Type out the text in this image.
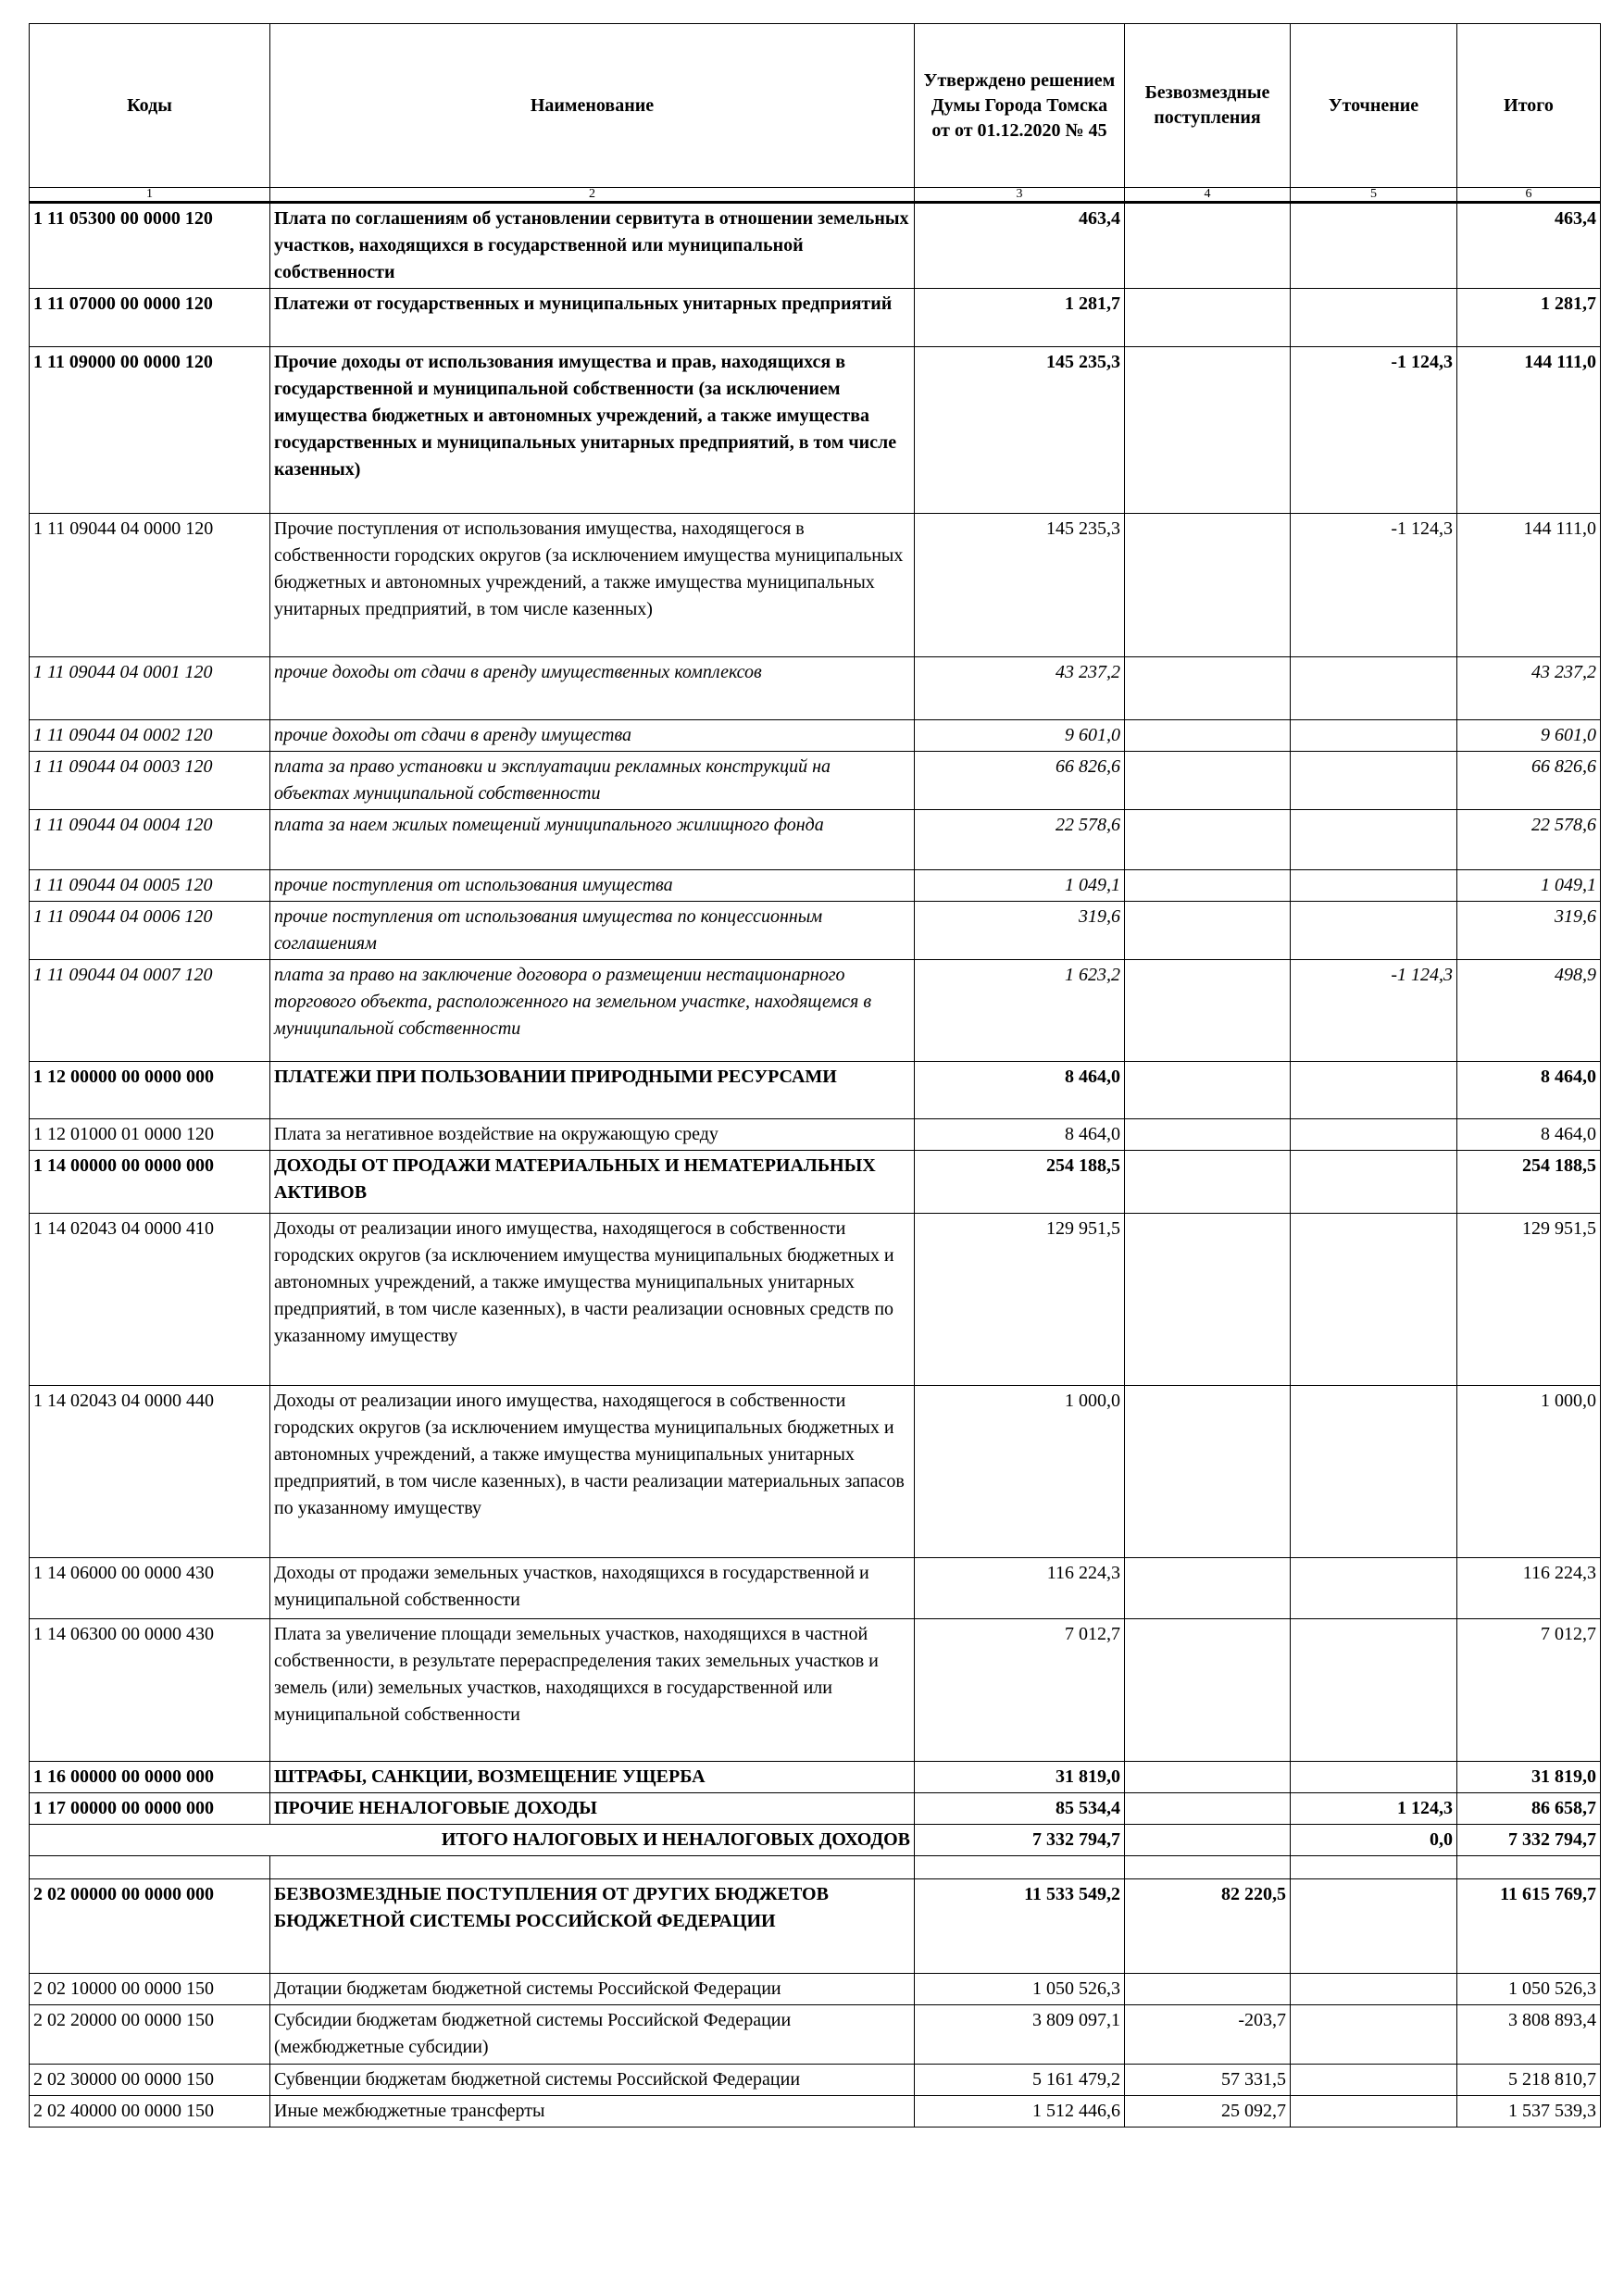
Коды	Наименование	Утверждено решением Думы Города Томска от от 01.12.2020 № 45	Безвозмездные поступления	Уточнение	Итого
1	2	3	4	5	6
1 11 05300 00 0000 120	Плата по соглашениям об установлении сервитута в отношении земельных участков, находящихся в государственной или муниципальной собственности	463,4			463,4
1 11 07000 00 0000 120	Платежи от государственных и муниципальных унитарных предприятий	1 281,7			1 281,7
1 11 09000 00 0000 120	Прочие доходы от использования имущества и прав, находящихся в государственной и муниципальной собственности (за исключением имущества бюджетных и автономных учреждений, а также имущества государственных и муниципальных унитарных предприятий, в том числе казенных)	145 235,3		-1 124,3	144 111,0
1 11 09044 04 0000 120	Прочие поступления от использования имущества, находящегося в собственности городских округов (за исключением имущества муниципальных бюджетных и автономных учреждений, а также имущества муниципальных унитарных предприятий, в том числе казенных)	145 235,3		-1 124,3	144 111,0
1 11 09044 04 0001 120	прочие доходы от сдачи в аренду имущественных комплексов	43 237,2			43 237,2
1 11 09044 04 0002 120	прочие доходы от сдачи в аренду имущества	9 601,0			9 601,0
1 11 09044 04 0003 120	плата за право установки и эксплуатации рекламных конструкций на объектах муниципальной собственности	66 826,6			66 826,6
1 11 09044 04 0004 120	плата за наем жилых помещений муниципального жилищного фонда	22 578,6			22 578,6
1 11 09044 04 0005 120	прочие поступления от использования имущества	1 049,1			1 049,1
1 11 09044 04 0006 120	прочие поступления от использования имущества по концессионным соглашениям	319,6			319,6
1 11 09044 04 0007 120	плата за право на заключение договора о размещении нестационарного торгового объекта, расположенного на земельном участке, находящемся в муниципальной собственности	1 623,2		-1 124,3	498,9
1 12 00000 00 0000 000	ПЛАТЕЖИ ПРИ ПОЛЬЗОВАНИИ ПРИРОДНЫМИ РЕСУРСАМИ	8 464,0			8 464,0
1 12 01000 01 0000 120	Плата за негативное воздействие на окружающую среду	8 464,0			8 464,0
1 14 00000 00 0000 000	ДОХОДЫ ОТ ПРОДАЖИ МАТЕРИАЛЬНЫХ И НЕМАТЕРИАЛЬНЫХ АКТИВОВ	254 188,5			254 188,5
1 14 02043 04 0000 410	Доходы от реализации иного имущества, находящегося в собственности городских округов (за исключением имущества муниципальных бюджетных и автономных учреждений, а также имущества муниципальных унитарных предприятий, в том числе казенных), в части реализации основных средств по указанному имуществу	129 951,5			129 951,5
1 14 02043 04 0000 440	Доходы от реализации иного имущества, находящегося в собственности городских округов (за исключением имущества муниципальных бюджетных и автономных учреждений, а также имущества муниципальных унитарных предприятий, в том числе казенных), в части реализации материальных запасов по указанному имуществу	1 000,0			1 000,0
1 14 06000 00 0000 430	Доходы от продажи земельных участков, находящихся в государственной и муниципальной собственности	116 224,3			116 224,3
1 14 06300 00 0000 430	Плата за увеличение площади земельных участков, находящихся в частной собственности, в результате перераспределения таких земельных участков и земель (или) земельных участков, находящихся в государственной или муниципальной собственности	7 012,7			7 012,7
1 16 00000 00 0000 000	ШТРАФЫ, САНКЦИИ, ВОЗМЕЩЕНИЕ УЩЕРБА	31 819,0			31 819,0
1 17 00000 00 0000 000	ПРОЧИЕ НЕНАЛОГОВЫЕ ДОХОДЫ	85 534,4		1 124,3	86 658,7
ИТОГО НАЛОГОВЫХ И НЕНАЛОГОВЫХ ДОХОДОВ		7 332 794,7		0,0	7 332 794,7

2 02 00000 00 0000 000	БЕЗВОЗМЕЗДНЫЕ ПОСТУПЛЕНИЯ ОТ ДРУГИХ БЮДЖЕТОВ БЮДЖЕТНОЙ СИСТЕМЫ РОССИЙСКОЙ ФЕДЕРАЦИИ	11 533 549,2	82 220,5		11 615 769,7
2 02 10000 00 0000 150	Дотации бюджетам бюджетной системы Российской Федерации	1 050 526,3			1 050 526,3
2 02 20000 00 0000 150	Субсидии бюджетам бюджетной системы Российской Федерации (межбюджетные субсидии)	3 809 097,1	-203,7		3 808 893,4
2 02 30000 00 0000 150	Субвенции бюджетам бюджетной системы Российской Федерации	5 161 479,2	57 331,5		5 218 810,7
2 02 40000 00 0000 150	Иные межбюджетные трансферты	1 512 446,6	25 092,7		1 537 539,3
